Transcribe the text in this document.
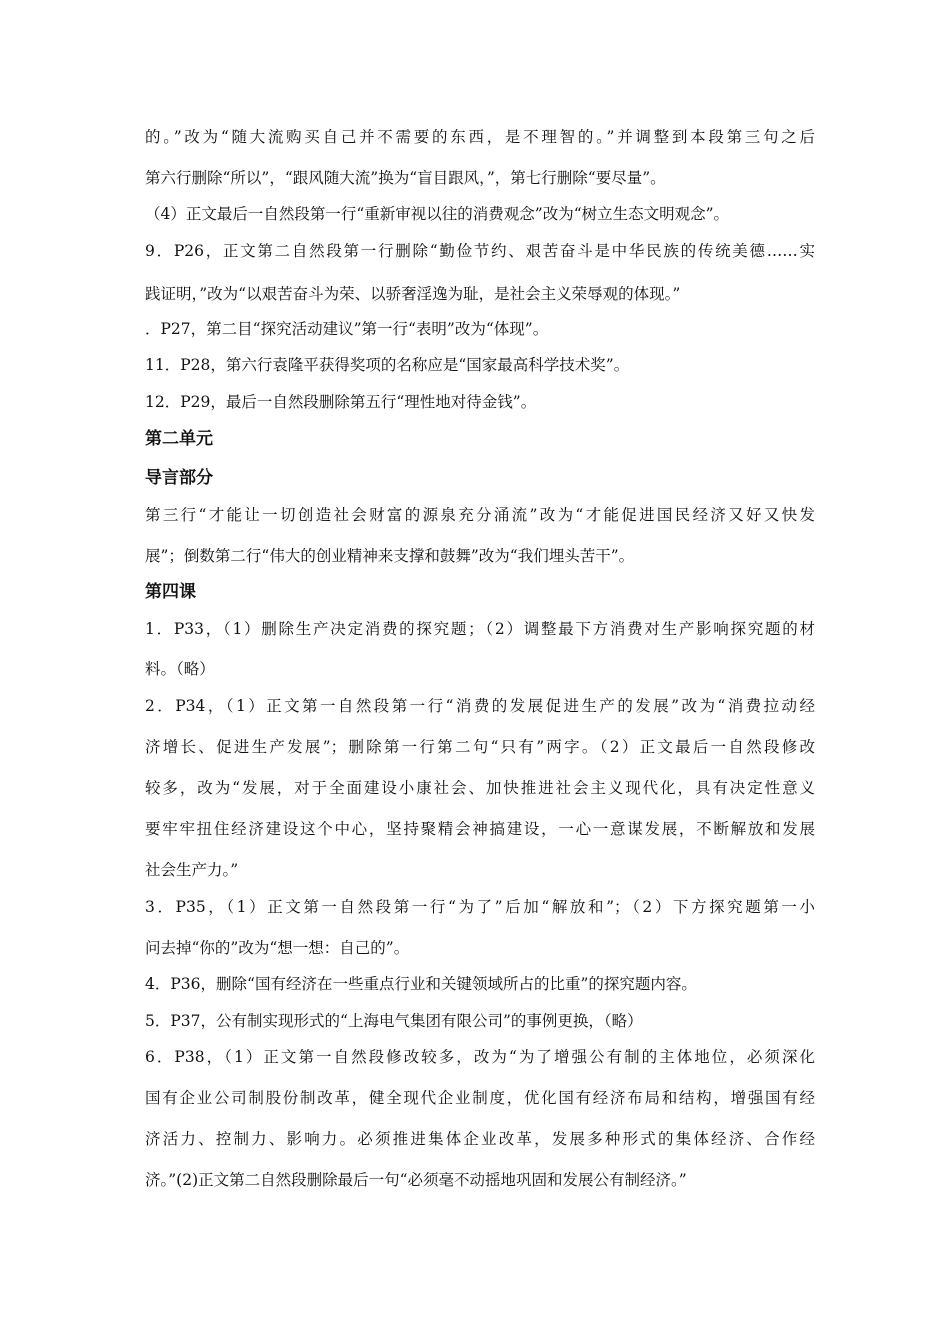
的。”改为“随大流购买自己并不需要的东西，是不理智的。”并调整到本段第三句之后
第六行删除“所以”，“跟风随大流”换为“盲目跟风，”，第七行删除“要尽量”。
（4）正文最后一自然段第一行“重新审视以往的消费观念”改为“树立生态文明观念”。
9．P26，正文第二自然段第一行删除“勤俭节约、艰苦奋斗是中华民族的传统美德……实
践证明，”改为“以艰苦奋斗为荣、以骄奢淫逸为耻，是社会主义荣辱观的体现。”
．P27，第二目“探究活动建议”第一行“表明”改为“体现”。
11．P28，第六行袁隆平获得奖项的名称应是“国家最高科学技术奖”。
12．P29，最后一自然段删除第五行“理性地对待金钱”。
第二单元
导言部分
第三行“才能让一切创造社会财富的源泉充分涌流”改为“才能促进国民经济又好又快发
展”；倒数第二行“伟大的创业精神来支撑和鼓舞”改为“我们埋头苦干”。
第四课
1．P33，（1）删除生产决定消费的探究题；（2）调整最下方消费对生产影响探究题的材
料。（略）
2．P34，（1）正文第一自然段第一行“消费的发展促进生产的发展”改为“消费拉动经
济增长、促进生产发展”；删除第一行第二句“只有”两字。（2）正文最后一自然段修改
较多，改为“发展，对于全面建设小康社会、加快推进社会主义现代化，具有决定性意义
要牢牢扭住经济建设这个中心，坚持聚精会神搞建设，一心一意谋发展，不断解放和发展
社会生产力。”
3．P35，（1）正文第一自然段第一行“为了”后加“解放和”；（2）下方探究题第一小
问去掉“你的”改为“想一想：自己的”。
4．P36，删除“国有经济在一些重点行业和关键领域所占的比重”的探究题内容。
5．P37，公有制实现形式的“上海电气集团有限公司”的事例更换，（略）
6．P38，（1）正文第一自然段修改较多，改为“为了增强公有制的主体地位，必须深化
国有企业公司制股份制改革，健全现代企业制度，优化国有经济布局和结构，增强国有经
济活力、控制力、影响力。必须推进集体企业改革，发展多种形式的集体经济、合作经
济。”(2)正文第二自然段删除最后一句“必须毫不动摇地巩固和发展公有制经济。”
